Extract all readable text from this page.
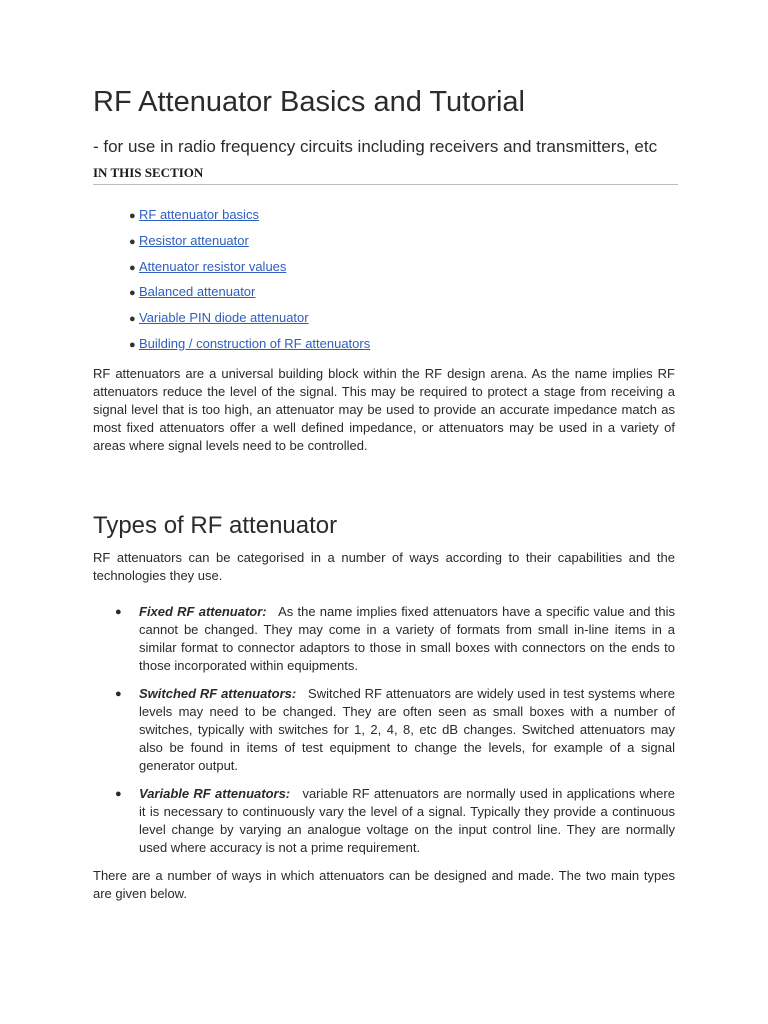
RF Attenuator Basics and Tutorial

- for use in radio frequency circuits including receivers and transmitters, etc

IN THIS SECTION

● RF attenuator basics
● Resistor attenuator
● Attenuator resistor values
● Balanced attenuator
● Variable PIN diode attenuator
● Building / construction of RF attenuators

RF attenuators are a universal building block within the RF design arena. As the name implies RF attenuators reduce the level of the signal. This may be required to protect a stage from receiving a signal level that is too high, an attenuator may be used to provide an accurate impedance match as most fixed attenuators offer a well defined impedance, or attenuators may be used in a variety of areas where signal levels need to be controlled.

Types of RF attenuator

RF attenuators can be categorised in a number of ways according to their capabilities and the technologies they use.

● Fixed RF attenuator: As the name implies fixed attenuators have a specific value and this cannot be changed. They may come in a variety of formats from small in-line items in a similar format to connector adaptors to those in small boxes with connectors on the ends to those incorporated within equipments.
● Switched RF attenuators: Switched RF attenuators are widely used in test systems where levels may need to be changed. They are often seen as small boxes with a number of switches, typically with switches for 1, 2, 4, 8, etc dB changes. Switched attenuators may also be found in items of test equipment to change the levels, for example of a signal generator output.
● Variable RF attenuators: variable RF attenuators are normally used in applications where it is necessary to continuously vary the level of a signal. Typically they provide a continuous level change by varying an analogue voltage on the input control line. They are normally used where accuracy is not a prime requirement.

There are a number of ways in which attenuators can be designed and made. The two main types are given below.
